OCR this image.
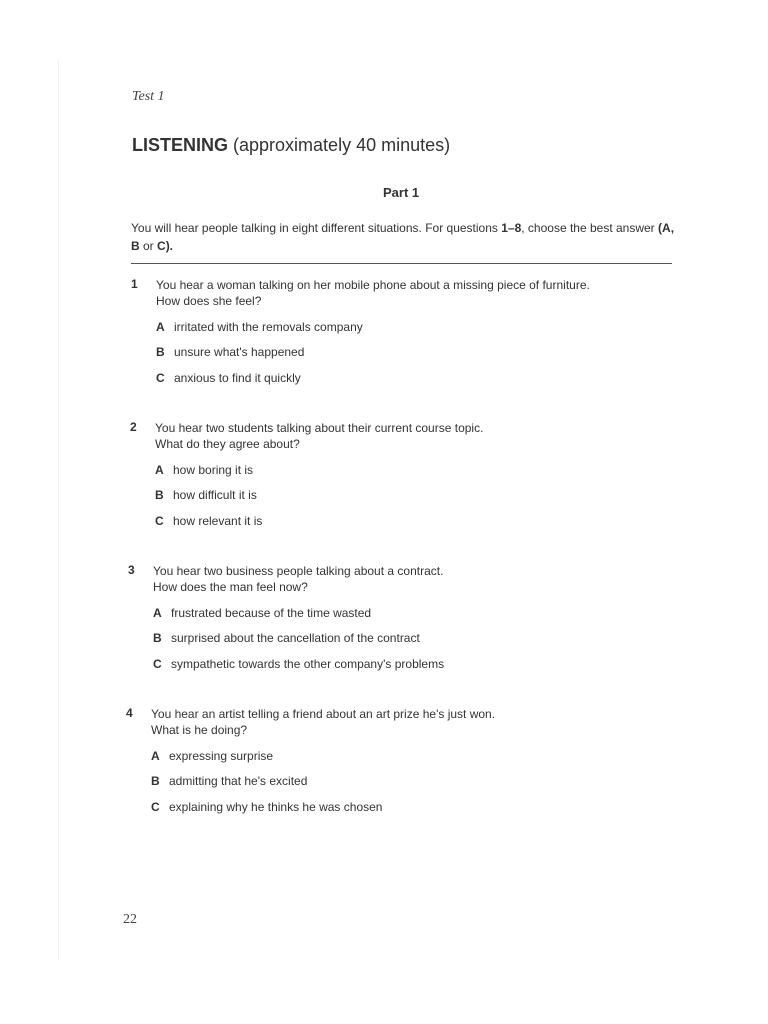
Test 1
LISTENING (approximately 40 minutes)
Part 1
You will hear people talking in eight different situations. For questions 1–8, choose the best answer (A, B or C).
1 You hear a woman talking on her mobile phone about a missing piece of furniture.
How does she feel?
A irritated with the removals company
B unsure what's happened
C anxious to find it quickly
2 You hear two students talking about their current course topic.
What do they agree about?
A how boring it is
B how difficult it is
C how relevant it is
3 You hear two business people talking about a contract.
How does the man feel now?
A frustrated because of the time wasted
B surprised about the cancellation of the contract
C sympathetic towards the other company's problems
4 You hear an artist telling a friend about an art prize he's just won.
What is he doing?
A expressing surprise
B admitting that he's excited
C explaining why he thinks he was chosen
22
